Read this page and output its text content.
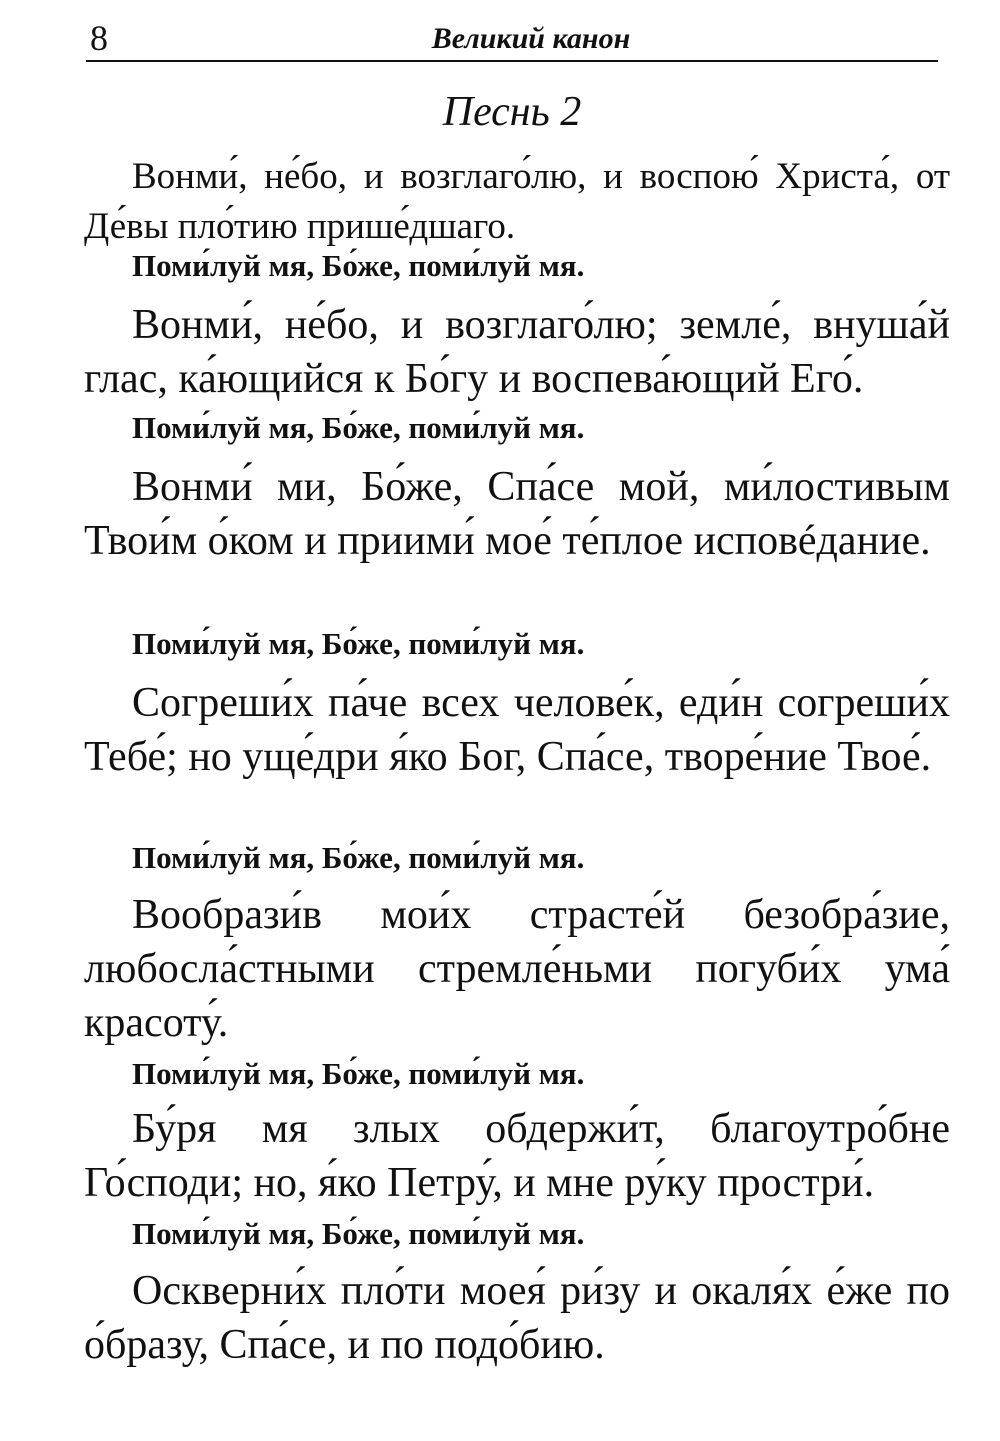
8	Великий канон
Песнь 2

Вонми́, не́бо, и возглаго́лю, и воспою́ Христа́, от Де́вы пло́тию прише́дшаго.

Поми́луй мя, Бо́же, поми́луй мя.

Вонми́, не́бо, и возглаго́лю; земле́, внуша́й глас, ка́ющийся к Бо́гу и воспева́ющий Его́.

Поми́луй мя, Бо́же, поми́луй мя.

Вонми́ ми, Бо́же, Спа́се мой, ми́лостивым Твои́м о́ком и приими́ мое́ те́плое исповéдание.

Поми́луй мя, Бо́же, поми́луй мя.

Согреши́х па́че всех челове́к, еди́н согреши́х Тебе́; но уще́дри я́ко Бог, Спа́се, творе́ние Твое́.

Поми́луй мя, Бо́же, поми́луй мя.

Вообрази́в мои́х страсте́й безобра́зие, любосла́стными стремле́ньми погуби́х ума́ красоту́.

Поми́луй мя, Бо́же, поми́луй мя.

Бу́ря мя злых обдержи́т, благоутро́бне Го́споди; но, я́ко Петру́, и мне ру́ку простри́.

Поми́луй мя, Бо́же, поми́луй мя.

Оскверни́х пло́ти моея́ ри́зу и окаля́х е́же по о́бразу, Спа́се, и по подо́бию.
